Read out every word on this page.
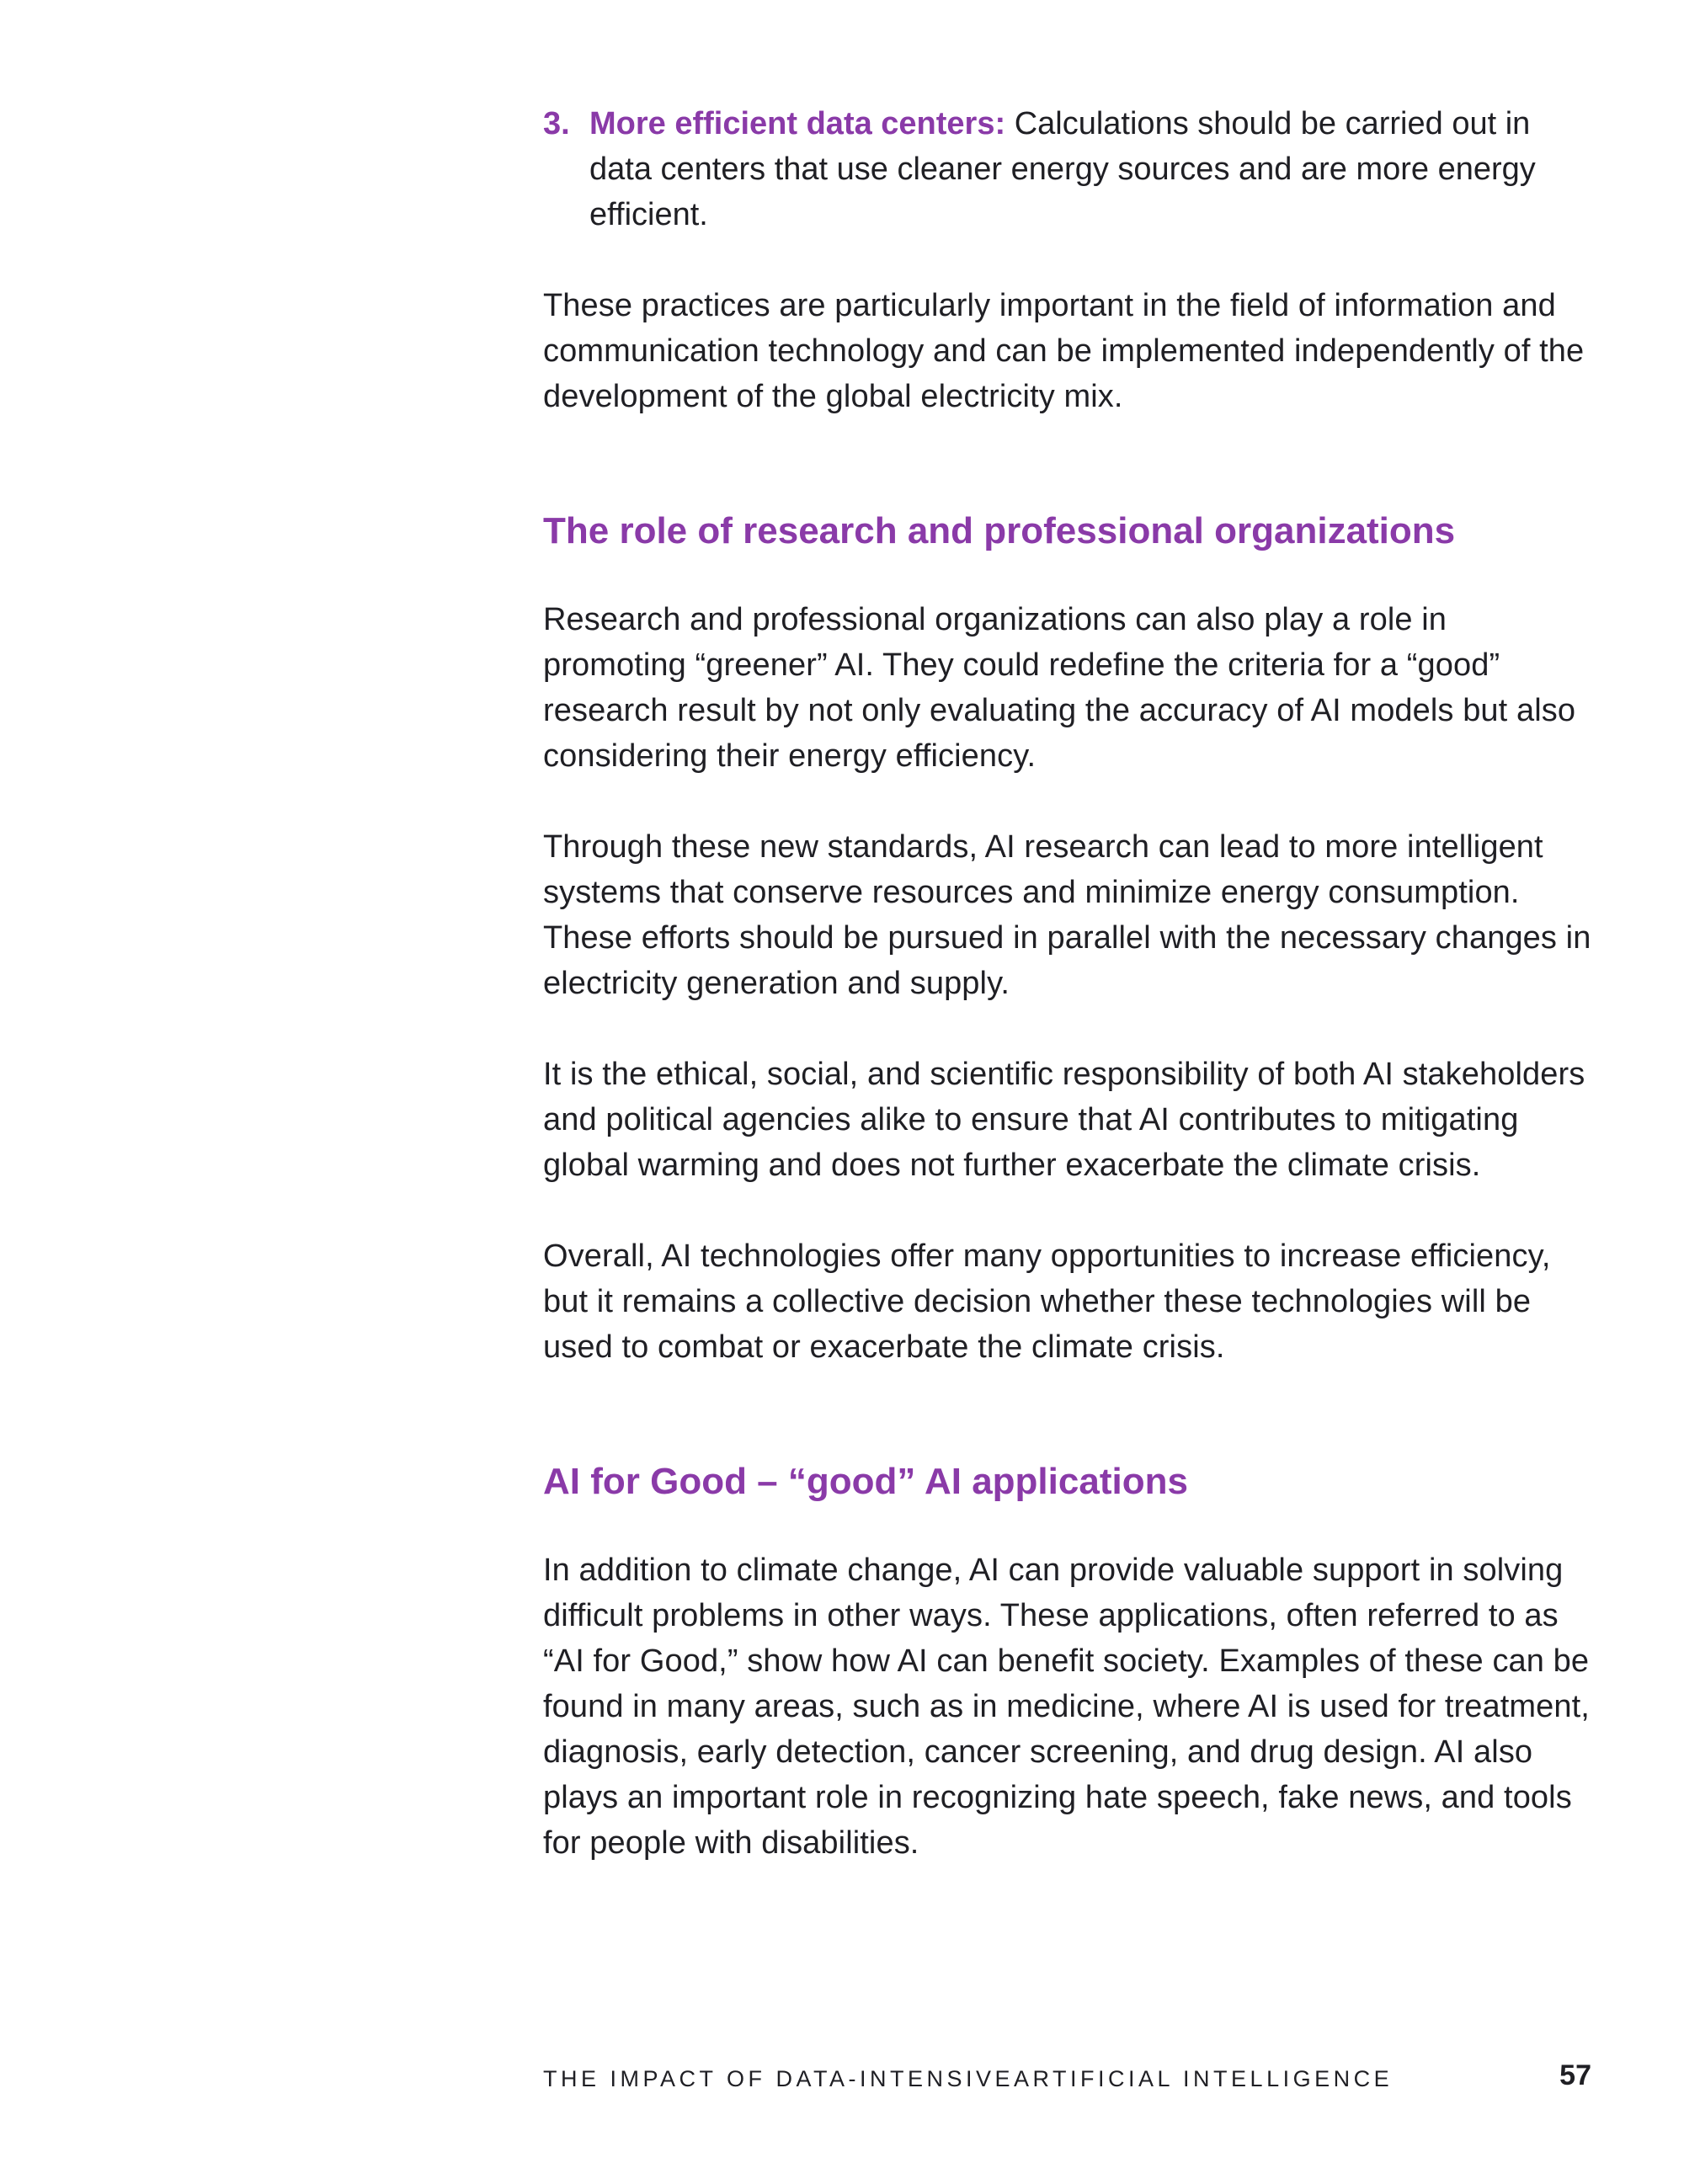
3. More efficient data centers: Calculations should be carried out in data centers that use cleaner energy sources and are more energy efficient.

These practices are particularly important in the field of information and communication technology and can be implemented independently of the development of the global electricity mix.

The role of research and professional organizations

Research and professional organizations can also play a role in promoting “greener” AI. They could redefine the criteria for a “good” research result by not only evaluating the accuracy of AI models but also considering their energy efficiency.

Through these new standards, AI research can lead to more intelligent systems that conserve resources and minimize energy consumption. These efforts should be pursued in parallel with the necessary changes in electricity generation and supply.

It is the ethical, social, and scientific responsibility of both AI stakeholders and political agencies alike to ensure that AI contributes to mitigating global warming and does not further exacerbate the climate crisis.

Overall, AI technologies offer many opportunities to increase efficiency, but it remains a collective decision whether these technologies will be used to combat or exacerbate the climate crisis.

AI for Good – “good” AI applications

In addition to climate change, AI can provide valuable support in solving difficult problems in other ways. These applications, often referred to as “AI for Good,” show how AI can benefit society. Examples of these can be found in many areas, such as in medicine, where AI is used for treatment, diagnosis, early detection, cancer screening, and drug design. AI also plays an important role in recognizing hate speech, fake news, and tools for people with disabilities.

THE IMPACT OF DATA-INTENSIVEARTIFICIAL INTELLIGENCE	57
